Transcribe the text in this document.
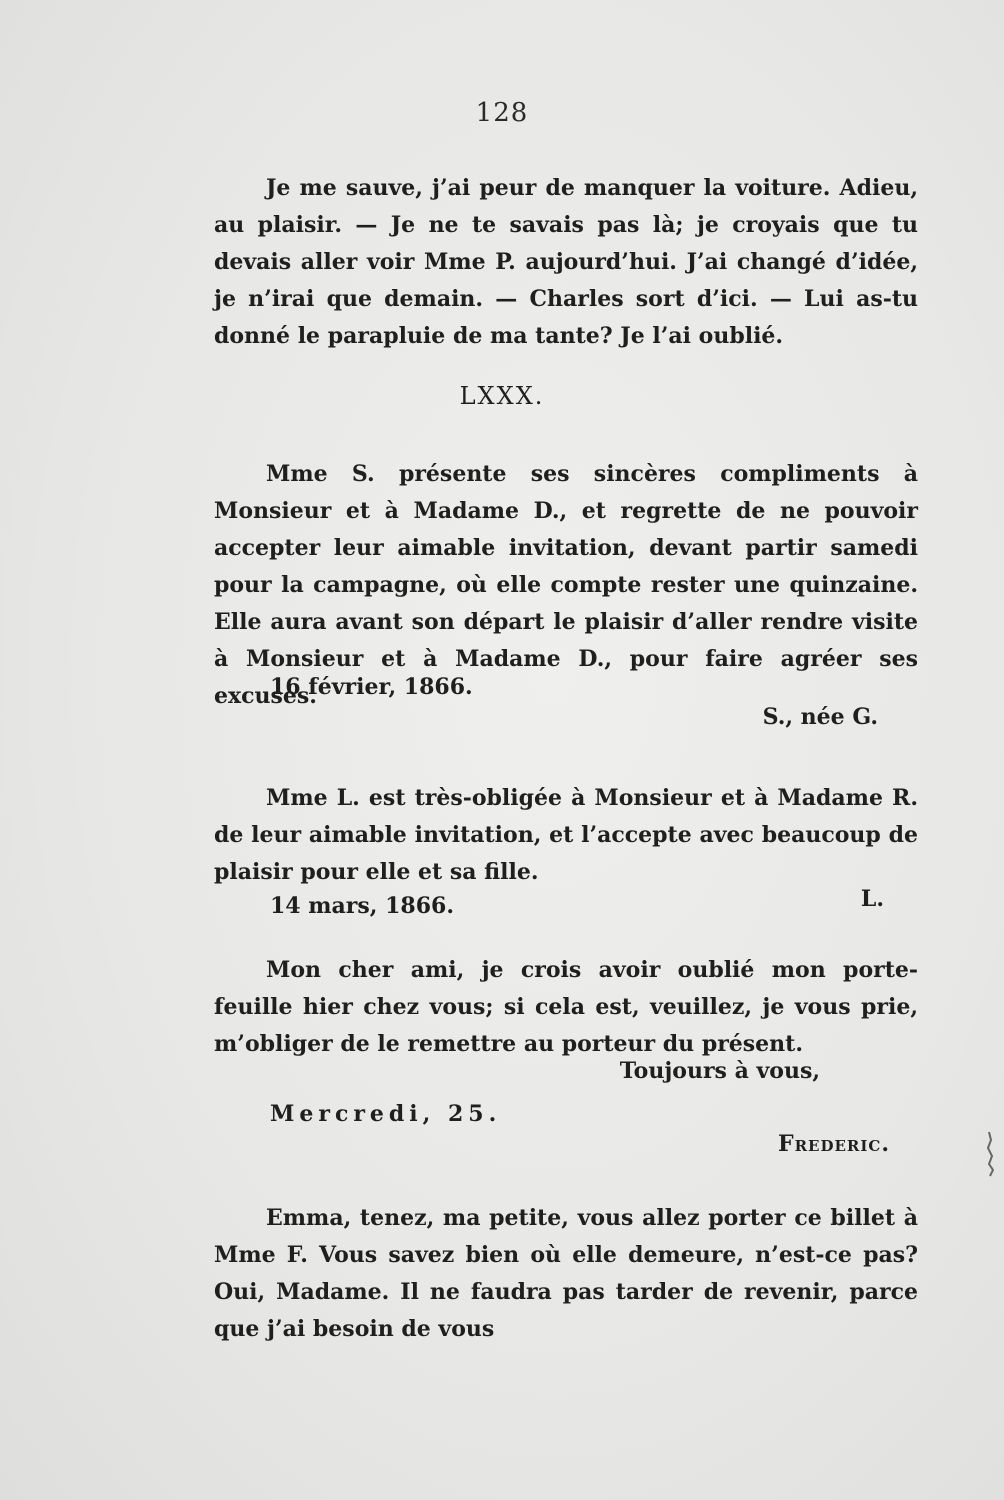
128

Je me sauve, j’ai peur de manquer la voiture. Adieu, au plaisir. — Je ne te savais pas là; je croyais que tu devais aller voir Mme P. aujourd’hui. J’ai changé d’idée, je n’irai que demain. — Charles sort d’ici. — Lui as-tu donné le parapluie de ma tante? Je l’ai oublié.

LXXX.

Mme S. présente ses sincères compliments à Monsieur et à Madame D., et regrette de ne pouvoir accepter leur aimable invitation, devant partir samedi pour la campagne, où elle compte rester une quinzaine. Elle aura avant son départ le plaisir d’aller rendre visite à Monsieur et à Madame D., pour faire agréer ses excuses.

16 février, 1866.
S., née G.

Mme L. est très-obligée à Monsieur et à Madame R. de leur aimable invitation, et l’accepte avec beaucoup de plaisir pour elle et sa fille.

14 mars, 1866.	L.

Mon cher ami, je crois avoir oublié mon porte-feuille hier chez vous; si cela est, veuillez, je vous prie, m’obliger de le remettre au porteur du présent.

Toujours à vous,
Mercredi, 25.
Frederic.

Emma, tenez, ma petite, vous allez porter ce billet à Mme F. Vous savez bien où elle demeure, n’est-ce pas? Oui, Madame. Il ne faudra pas tarder de revenir, parce que j’ai besoin de vous
